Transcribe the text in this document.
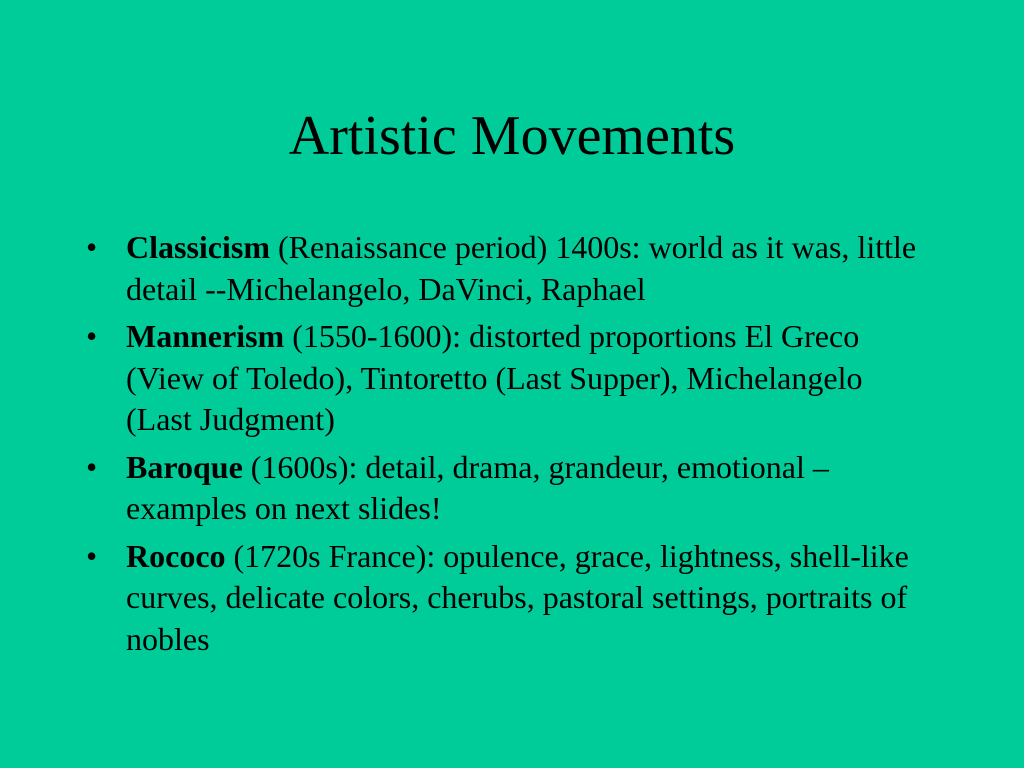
Artistic Movements
• Classicism (Renaissance period) 1400s: world as it was, little detail --Michelangelo, DaVinci, Raphael
• Mannerism (1550-1600): distorted proportions El Greco (View of Toledo), Tintoretto (Last Supper), Michelangelo (Last Judgment)
• Baroque (1600s): detail, drama, grandeur, emotional – examples on next slides!
• Rococo (1720s France): opulence, grace, lightness, shell-like curves, delicate colors, cherubs, pastoral settings, portraits of nobles
